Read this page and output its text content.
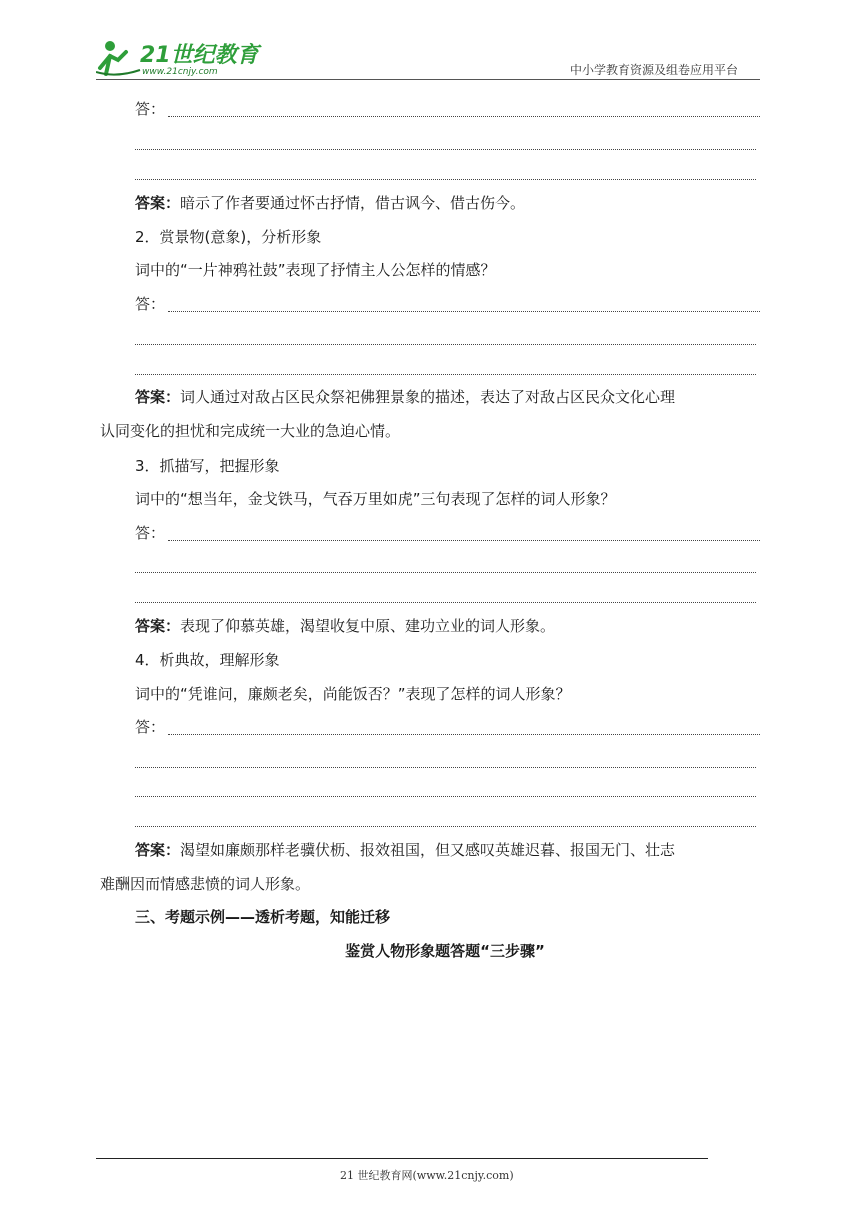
21世纪教育
www.21cnjy.com	中小学教育资源及组卷应用平台
答：
答案：暗示了作者要通过怀古抒情，借古讽今、借古伤今。
2．赏景物(意象)，分析形象
词中的“一片神鸦社鼓”表现了抒情主人公怎样的情感？
答：
答案：词人通过对敌占区民众祭祀佛狸景象的描述，表达了对敌占区民众文化心理
认同变化的担忧和完成统一大业的急迫心情。
3．抓描写，把握形象
词中的“想当年，金戈铁马，气吞万里如虎”三句表现了怎样的词人形象？
答：
答案：表现了仰慕英雄，渴望收复中原、建功立业的词人形象。
4．析典故，理解形象
词中的“凭谁问，廉颇老矣，尚能饭否？”表现了怎样的词人形象？
答：
答案：渴望如廉颇那样老骥伏枥、报效祖国，但又感叹英雄迟暮、报国无门、壮志
难酬因而情感悲愤的词人形象。
三、考题示例——透析考题，知能迁移
鉴赏人物形象题答题“三步骤”
21 世纪教育网(www.21cnjy.com)
